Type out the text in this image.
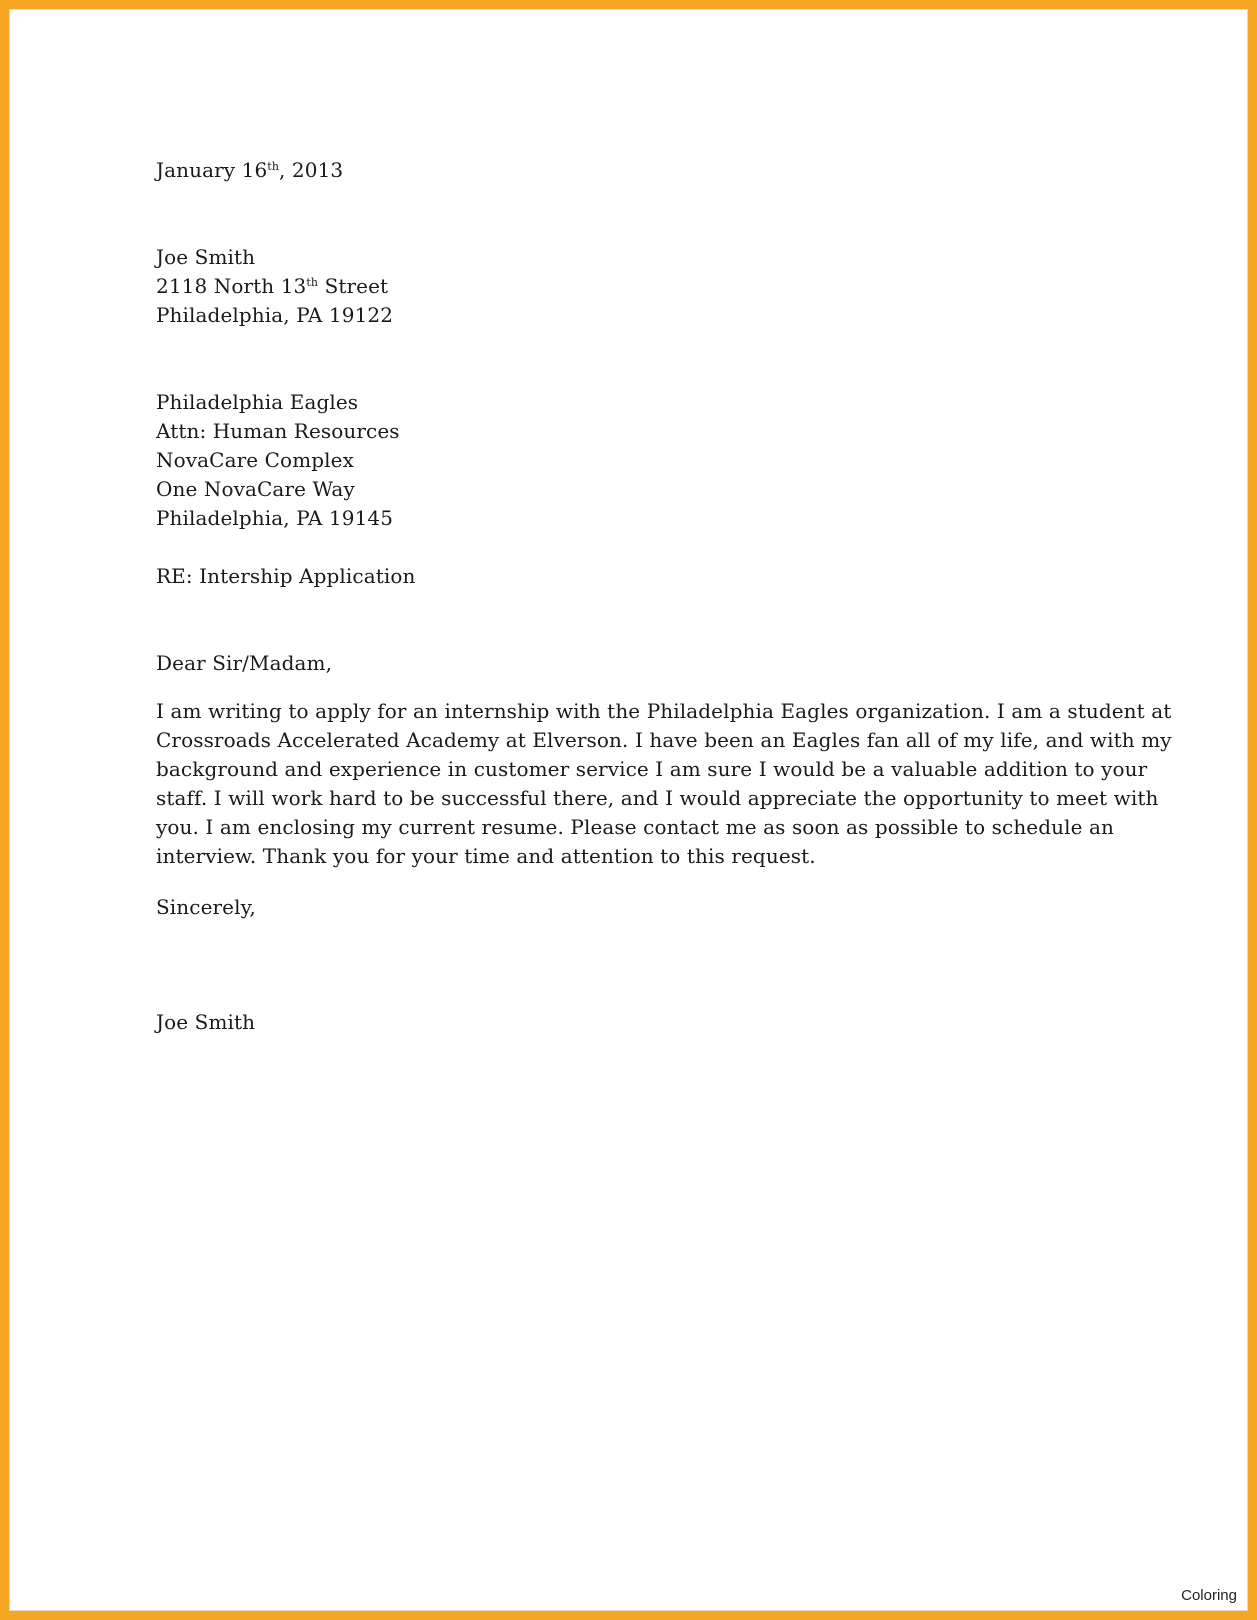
January 16th, 2013
Joe Smith
2118 North 13th Street
Philadelphia, PA 19122
Philadelphia Eagles
Attn: Human Resources
NovaCare Complex
One NovaCare Way
Philadelphia, PA 19145
RE: Intership Application
Dear Sir/Madam,
I am writing to apply for an internship with the Philadelphia Eagles organization. I am a student at
Crossroads Accelerated Academy at Elverson. I have been an Eagles fan all of my life, and with my
background and experience in customer service I am sure I would be a valuable addition to your
staff. I will work hard to be successful there, and I would appreciate the opportunity to meet with
you. I am enclosing my current resume. Please contact me as soon as possible to schedule an
interview. Thank you for your time and attention to this request.
Sincerely,
Joe Smith
Coloring
